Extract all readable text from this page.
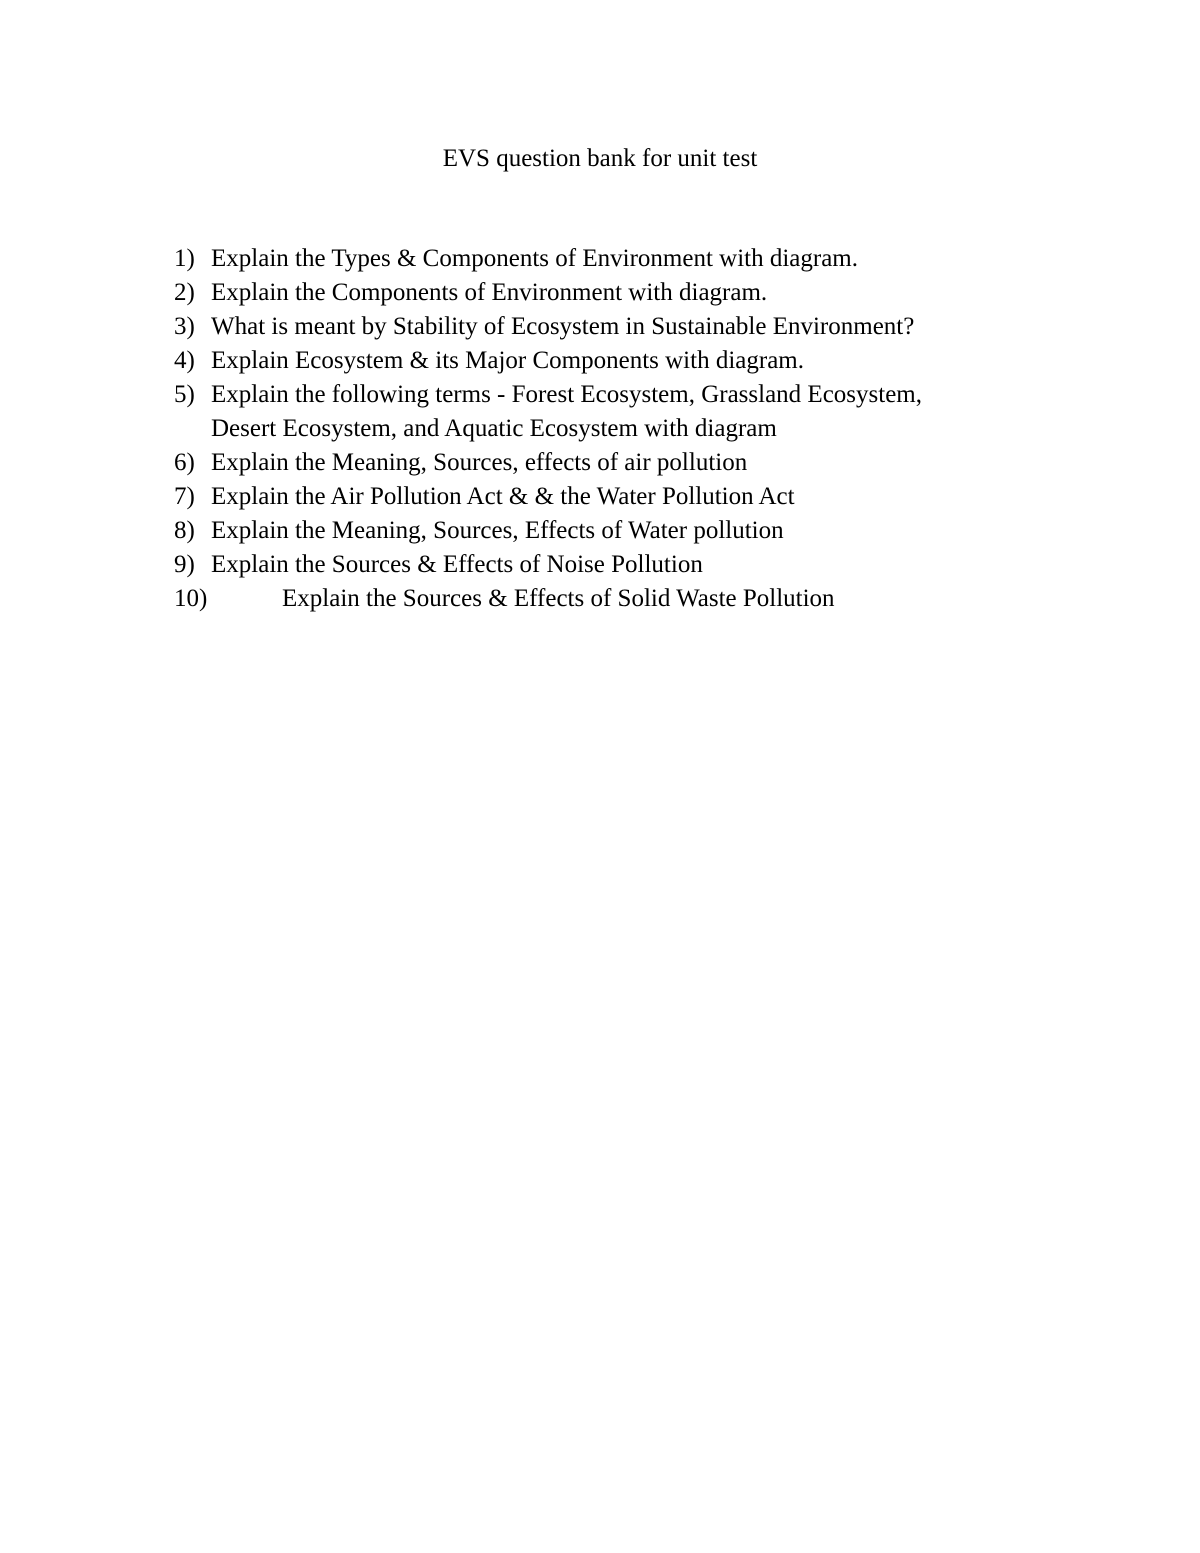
EVS question bank for unit test
1) Explain the Types & Components of Environment with diagram.
2) Explain the Components of Environment with diagram.
3) What is meant by Stability of Ecosystem in Sustainable Environment?
4) Explain Ecosystem & its Major Components with diagram.
5) Explain the following terms - Forest Ecosystem, Grassland Ecosystem,
Desert Ecosystem, and Aquatic Ecosystem with diagram
6) Explain the Meaning, Sources, effects of air pollution
7) Explain the Air Pollution Act & & the Water Pollution Act
8) Explain the Meaning, Sources, Effects of Water pollution
9) Explain the Sources & Effects of Noise Pollution
10)	Explain the Sources & Effects of Solid Waste Pollution
